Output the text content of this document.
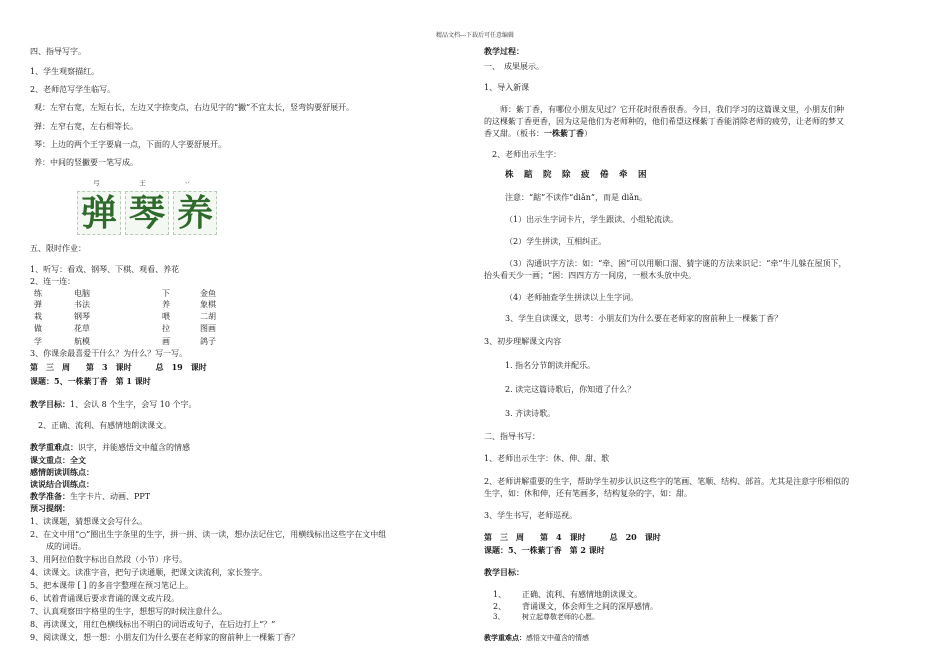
精品文档---下载后可任意编辑
四、指导写字。
1、学生观察描红。
2、老师范写学生临写。
观：左窄右宽，左短右长，左边又字捺变点，右边见字的“撇”不宜太长，竖弯钩要舒展开。
弹：左窄右宽，左右相等长。
琴：上边的两个王字要扁一点，下面的人字要舒展开。
养：中间的竖撇要一笔写成。
弓	王	丷
弹 琴 养
五、限时作业：
1、听写：看戏、钢琴、下棋、观看、养花
2、连一连：
练	电脑	下	金鱼
弹	书法	养	象棋
栽	钢琴	喂	二胡
做	花草	拉	图画
学	航模	画	鸽子
3、你课余最喜爱干什么？为什么？写一写。
第　三　周　　第　3　课时　　　总　19　课时
课题：5、一株紫丁香　第 1 课时
教学目标：1、会认 8 个生字，会写 10 个字。
2、正确、流利、有感情地朗读课文。
教学重难点：识字，并能感悟文中蕴含的情感
课文重点：全文
感情朗读训练点：
读说结合训练点：
教学准备：生字卡片、动画、PPT
预习提纲：
1、读课题，猜想课文会写什么。
2、在文中用“○”圈出生字条里的生字，拼一拼、读一读，想办法记住它，用横线标出这些字在文中组
成的词语。
3、用阿拉伯数字标出自然段（小节）序号。
4、读课文。读准字音，把句子读通顺，把课文读流利，家长签字。
5、把本课带 [ ] 的多音字整理在预习笔记上。
6、试着背诵课后要求背诵的课文或片段。
7、认真观察田字格里的生字，想想写的时候注意什么。
8、再读课文，用红色横线标出不明白的词语或句子，在后边打上“？”
9、阅读课文，想一想：小朋友们为什么要在老师家的窗前种上一棵紫丁香？
教学过程：
一、　成果展示。
1、导入新课
师：紫丁香，有哪位小朋友见过？它开花时很香很香。今日，我们学习的这篇课文里，小朋友们种
的这棵紫丁香更香，因为这是他们为老师种的，他们希望这棵紫丁香能消除老师的疲劳，让老师的梦又
香又甜。（板书：一株紫丁香）
2、老师出示生字：
株　踮　院　除　疲　倦　牵　困
注意：“踮”不读作“diǎn”，而是 diǎn。
（1）出示生字词卡片，学生跟读、小组轮流读。
（2）学生拼读，互相纠正。
（3）沟通识字方法：如：“牵、困”可以用顺口溜、猜字谜的方法来识记：“牵”牛儿躲在屋顶下，
抬头看天少一画；“困：四四方方一间房，一根木头放中央。
（4）老师抽查学生拼读以上生字词。
3、学生自读课文，思考：小朋友们为什么要在老师家的窗前种上一棵紫丁香？
3、初步理解课文内容
1. 指名分节朗读并配乐。
2. 读完这篇诗歌后，你知道了什么？
3. 齐读诗歌。
二、指导书写：
1、老师出示生字：休、伸、甜、歌
2、老师讲解重要的生字，帮助学生初步认识这些字的笔画、笔顺、结构、部首。尤其是注意字形相似的
生字，如：休和伸，还有笔画多，结构复杂的字，如：甜。
3、学生书写，老师巡视。
第　三　周　　第　4　课时　　　总　20　课时
课题：5、一株紫丁香　第 2 课时
教学目标：
1、 正确、流利、有感情地朗读课文。
2、 背诵课文，体会师生之间的深厚感情。
3、	树立起尊敬老师的心愿。
教学重难点：感悟文中蕴含的情感
